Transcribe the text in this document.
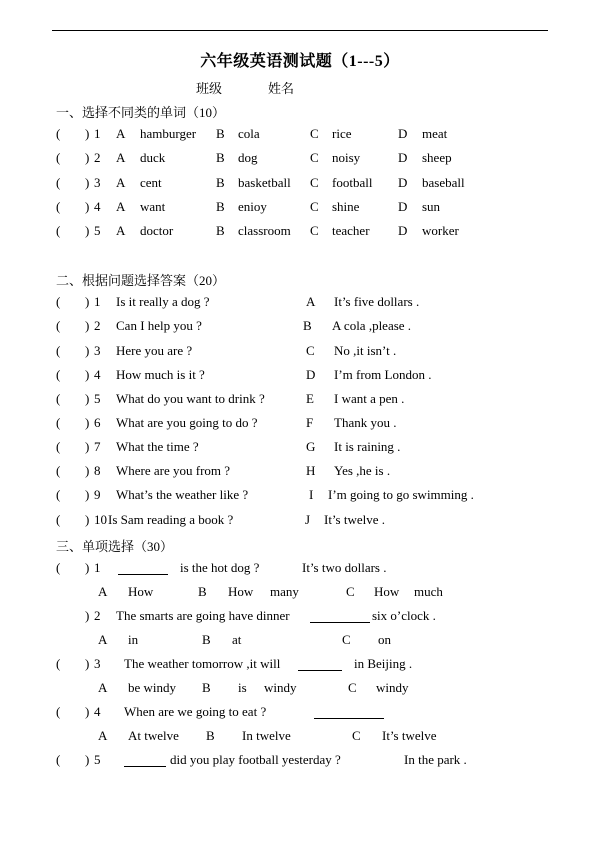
六年级英语测试题（1---5）
班级	姓名
一、选择不同类的单词（10）
( ) 1 A hamburger B cola	C rice	D meat
( ) 2 A duck	B dog	C noisy	D sheep
( ) 3 A cent	B basketball C football D baseball
( ) 4 A want	B enioy	C shine	D sun
( ) 5 A doctor	B classroom C teacher D worker
二、根据问题选择答案（20）
( ) 1 Is it really a dog ?	A It’s five dollars .
( ) 2 Can I help you ?	B A cola ,please .
( ) 3 Here you are ?	C No ,it isn’t .
( ) 4 How much is it ?	D I’m from London .
( ) 5 What do you want to drink ?	E I want a pen .
( ) 6 What are you going to do ?	F Thank you .
( ) 7 What the time ?	G It is raining .
( ) 8 Where are you from ?	H Yes ,he is .
( ) 9 What’s the weather like ?	I I’m going to go swimming .
( ) 10 Is Sam reading a book ?	J It’s twelve .
三、单项选择（30）
( ) 1	is the hot dog ?	It’s two dollars .
A How	B How many	C How much
) 2 The smarts are going have dinner	six o’clock .
A in	B at	C on
( ) 3 The weather tomorrow ,it will	in Beijing .
A be windy B is windy	C windy
( ) 4 When are we going to eat ?
A At twelve B In twelve	C It’s twelve
( ) 5	did you play football yesterday ?	In the park .
